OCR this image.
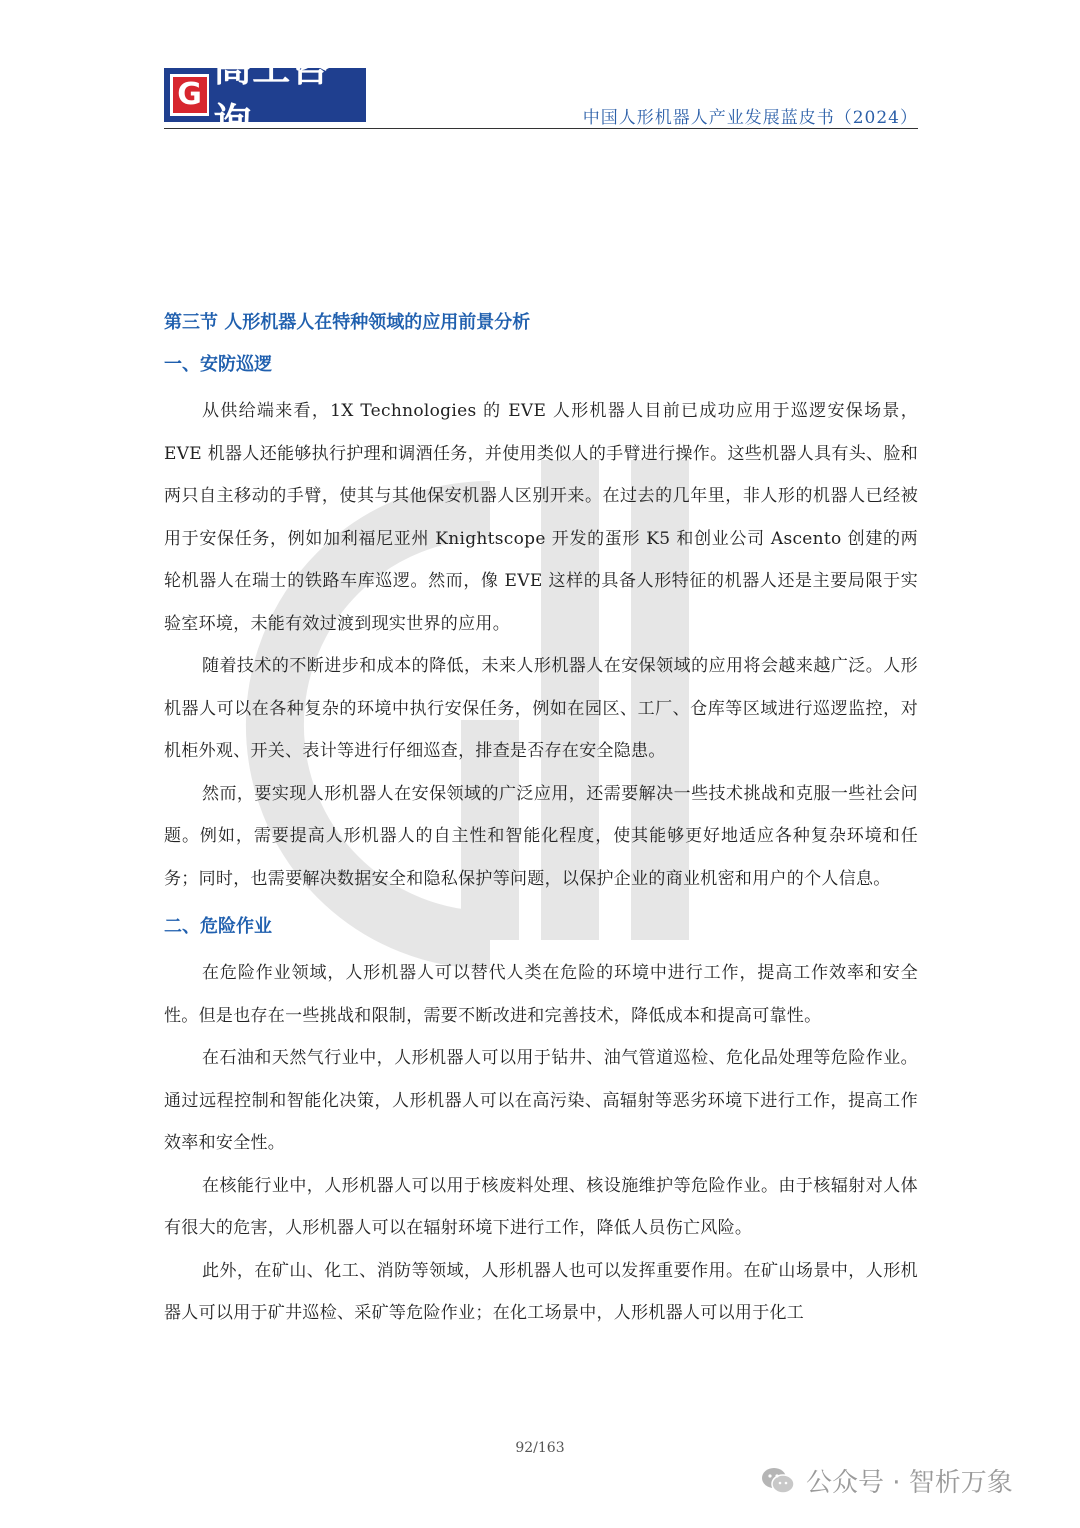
G
高工咨询	中国人形机器人产业发展蓝皮书（2024）
第三节 人形机器人在特种领域的应用前景分析
一、安防巡逻

从供给端来看，1X Technologies 的 EVE 人形机器人目前已成功应用于巡逻安保场景，EVE 机器人还能够执行护理和调酒任务，并使用类似人的手臂进行操作。这些机器人具有头、脸和两只自主移动的手臂，使其与其他保安机器人区别开来。在过去的几年里，非人形的机器人已经被用于安保任务，例如加利福尼亚州 Knightscope 开发的蛋形 K5 和创业公司 Ascento 创建的两轮机器人在瑞士的铁路车库巡逻。然而，像 EVE 这样的具备人形特征的机器人还是主要局限于实验室环境，未能有效过渡到现实世界的应用。

随着技术的不断进步和成本的降低，未来人形机器人在安保领域的应用将会越来越广泛。人形机器人可以在各种复杂的环境中执行安保任务，例如在园区、工厂、仓库等区域进行巡逻监控，对机柜外观、开关、表计等进行仔细巡查，排查是否存在安全隐患。

然而，要实现人形机器人在安保领域的广泛应用，还需要解决一些技术挑战和克服一些社会问题。例如，需要提高人形机器人的自主性和智能化程度，使其能够更好地适应各种复杂环境和任务；同时，也需要解决数据安全和隐私保护等问题，以保护企业的商业机密和用户的个人信息。

二、危险作业

在危险作业领域，人形机器人可以替代人类在危险的环境中进行工作，提高工作效率和安全性。但是也存在一些挑战和限制，需要不断改进和完善技术，降低成本和提高可靠性。

在石油和天然气行业中，人形机器人可以用于钻井、油气管道巡检、危化品处理等危险作业。通过远程控制和智能化决策，人形机器人可以在高污染、高辐射等恶劣环境下进行工作，提高工作效率和安全性。

在核能行业中，人形机器人可以用于核废料处理、核设施维护等危险作业。由于核辐射对人体有很大的危害，人形机器人可以在辐射环境下进行工作，降低人员伤亡风险。

此外，在矿山、化工、消防等领域，人形机器人也可以发挥重要作用。在矿山场景中，人形机器人可以用于矿井巡检、采矿等危险作业；在化工场景中，人形机器人可以用于化工

92/163
公众号 · 智析万象
